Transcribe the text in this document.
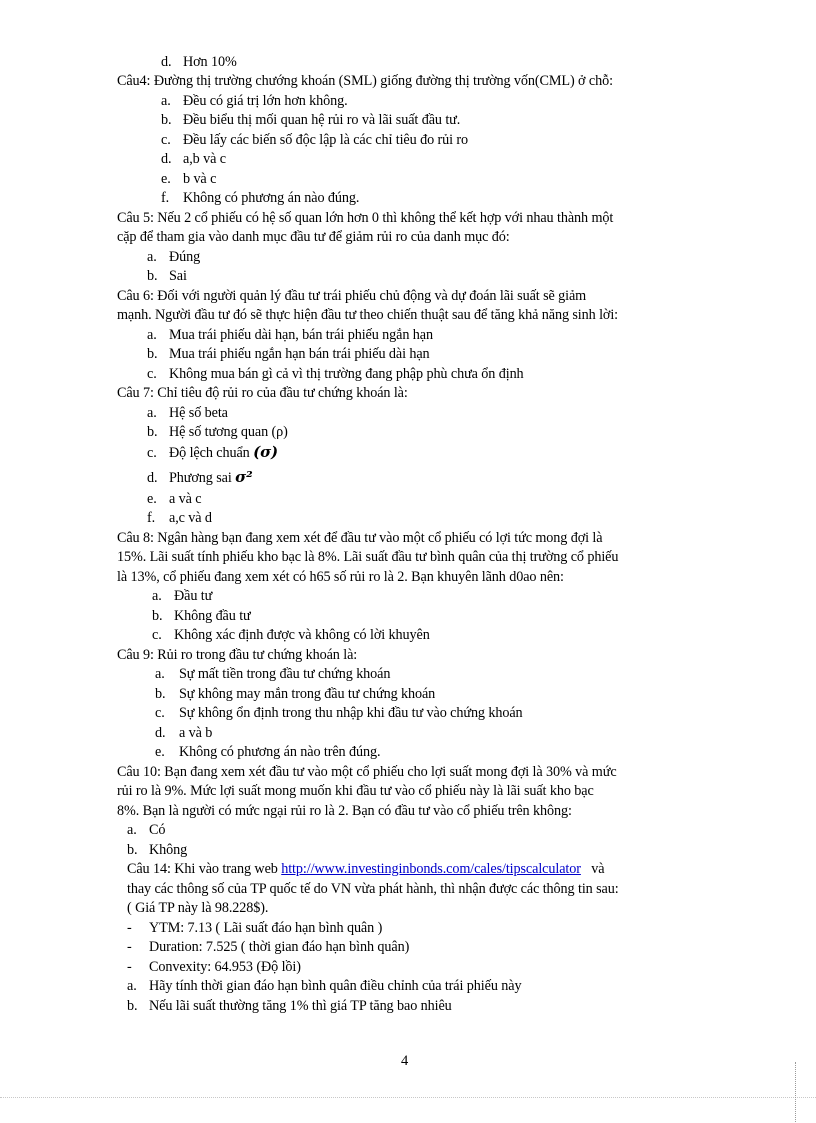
d. Hơn 10%
Câu4: Đường thị trường chướng khoán (SML) giống đường thị trường vốn(CML) ở chỗ:
a. Đều có giá trị lớn hơn không.
b. Đều biểu thị mối quan hệ rủi ro và lãi suất đầu tư.
c. Đều lấy các biến số độc lập là các chỉ tiêu đo rủi ro
d. a,b và c
e. b và c
f. Không có phương án nào đúng.
Câu 5: Nếu 2 cổ phiếu có hệ số quan lớn hơn 0 thì không thể kết hợp với nhau thành một
cặp để tham gia vào danh mục đầu tư để giảm rủi ro của danh mục đó:
a. Đúng
b. Sai
Câu 6: Đối với người quản lý đầu tư trái phiếu chủ động và dự đoán lãi suất sẽ giảm
mạnh. Người đầu tư đó sẽ thực hiện đầu tư theo chiến thuật sau để tăng khả năng sinh lời:
a. Mua trái phiếu dài hạn, bán trái phiếu ngắn hạn
b. Mua trái phiếu ngắn hạn bán trái phiếu dài hạn
c. Không mua bán gì cả vì thị trường đang phập phù chưa ổn định
Câu 7: Chỉ tiêu độ rủi ro của đầu tư chứng khoán là:
a. Hệ số beta
b. Hệ số tương quan (ρ)
c. Độ lệch chuẩn (σ)
d. Phương sai σ²
e. a và c
f. a,c và d
Câu 8: Ngân hàng bạn đang xem xét để đầu tư vào một cổ phiếu có lợi tức mong đợi là
15%. Lãi suất tính phiếu kho bạc là 8%. Lãi suất đầu tư bình quân của thị trường cổ phiếu
là 13%, cổ phiếu đang xem xét có h65 số rủi ro là 2. Bạn khuyên lãnh d0ao nên:
a. Đầu tư
b. Không đầu tư
c. Không xác định được và không có lời khuyên
Câu 9: Rủi ro trong đầu tư chứng khoán là:
a. Sự mất tiền trong đầu tư chứng khoán
b. Sự không may mắn trong đầu tư chứng khoán
c. Sự không ổn định trong thu nhập khi đầu tư vào chứng khoán
d. a và b
e. Không có phương án nào trên đúng.
Câu 10: Bạn đang xem xét đầu tư vào một cổ phiếu cho lợi suất mong đợi là 30% và mức
rủi ro là 9%. Mức lợi suất mong muốn khi đầu tư vào cổ phiếu này là lãi suất kho bạc
8%. Bạn là người có mức ngại rủi ro là 2. Bạn có đầu tư vào cổ phiếu trên không:
a. Có
b. Không
Câu 14: Khi vào trang web http://www.investinginbonds.com/cales/tipscalculator   và
thay các thông số của TP quốc tế do VN vừa phát hành, thì nhận được các thông tin sau:
( Giá TP này là 98.228$).
- YTM: 7.13 ( Lãi suất đáo hạn bình quân )
- Duration: 7.525 ( thời gian đáo hạn bình quân)
- Convexity: 64.953 (Độ lồi)
a. Hãy tính thời gian đáo hạn bình quân điều chỉnh của trái phiếu này
b. Nếu lãi suất thường tăng 1% thì giá TP tăng bao nhiêu
4
